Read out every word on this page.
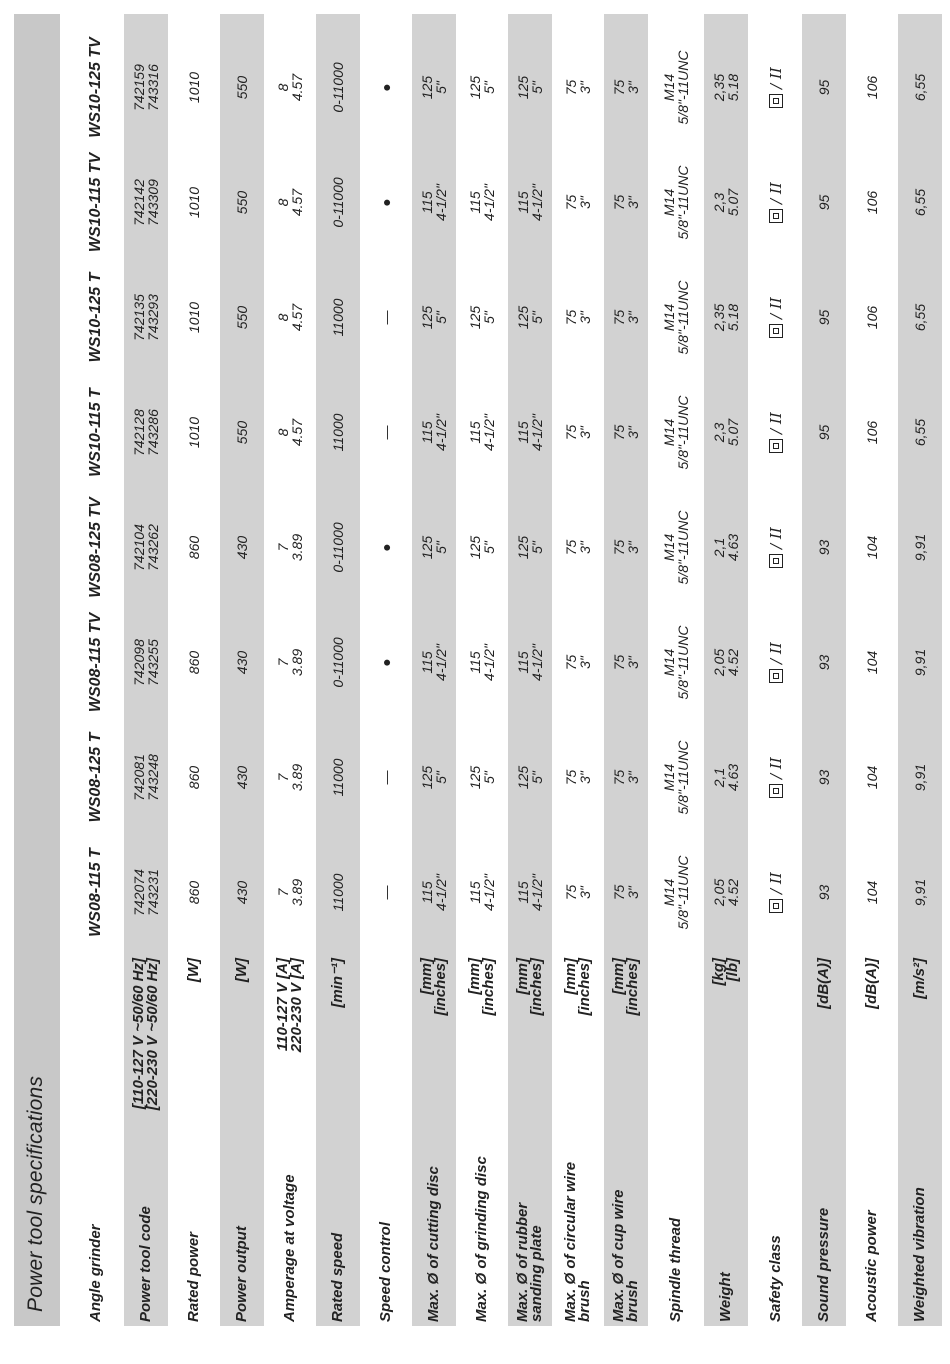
Power tool specifications	Angle grinder
WS08-115 T
WS08-125 T
WS08-115 TV
WS08-125 TV
WS10-115 T
WS10-125 T
WS10-115 TV
WS10-125 TV
Power tool code
[110-127 V ~50/60 Hz]
[220-230 V ~50/60 Hz]
742074
743231
742081
743248
742098
743255
742104
743262
742128
743286
742135
743293
742142
743309
742159
743316
Rated power
[W]
860
860
860
860
1010
1010
1010
1010
Power output
[W]
430
430
430
430
550
550
550
550
Amperage at voltage
110-127 V [A]
220-230 V [A]
7
3.89
7
3.89
7
3.89
7
3.89
8
4.57
8
4.57
8
4.57
8
4.57
Rated speed
[min⁻¹]
11000
11000
0-11000
0-11000
11000
11000
0-11000
0-11000
Speed control
—
—
●
●
—
—
●
●
Max. Ø of cutting disc
[mm]
[inches]
115
4-1/2"
125
5"
115
4-1/2"
125
5"
115
4-1/2"
125
5"
115
4-1/2"
125
5"
Max. Ø of grinding disc
[mm]
[inches]
115
4-1/2"
125
5"
115
4-1/2"
125
5"
115
4-1/2"
125
5"
115
4-1/2"
125
5"
Max. Ø of rubber sanding plate
[mm]
[inches]
115
4-1/2"
125
5"
115
4-1/2"
125
5"
115
4-1/2"
125
5"
115
4-1/2"
125
5"
Max. Ø of circular wire brush
[mm]
[inches]
75
3"
75
3"
75
3"
75
3"
75
3"
75
3"
75
3"
75
3"
Max. Ø of cup wire brush
[mm]
[inches]
75
3"
75
3"
75
3"
75
3"
75
3"
75
3"
75
3"
75
3"
Spindle thread
M14
5/8"-11UNC
M14
5/8"-11UNC
M14
5/8"-11UNC
M14
5/8"-11UNC
M14
5/8"-11UNC
M14
5/8"-11UNC
M14
5/8"-11UNC
M14
5/8"-11UNC
Weight
[kg]
[lb]
2,05
4.52
2,1
4.63
2,05
4.52
2,1
4.63
2,3
5.07
2,35
5.18
2,3
5.07
2,35
5.18
Safety class
/ II
/ II
/ II
/ II
/ II
/ II
/ II
/ II
Sound pressure
[dB(A)]
93
93
93
93
95
95
95
95
Acoustic power
[dB(A)]
104
104
104
104
106
106
106
106
Weighted vibration
[m/s²]
9,91
9,91
9,91
9,91
6,55
6,55
6,55
6,55
